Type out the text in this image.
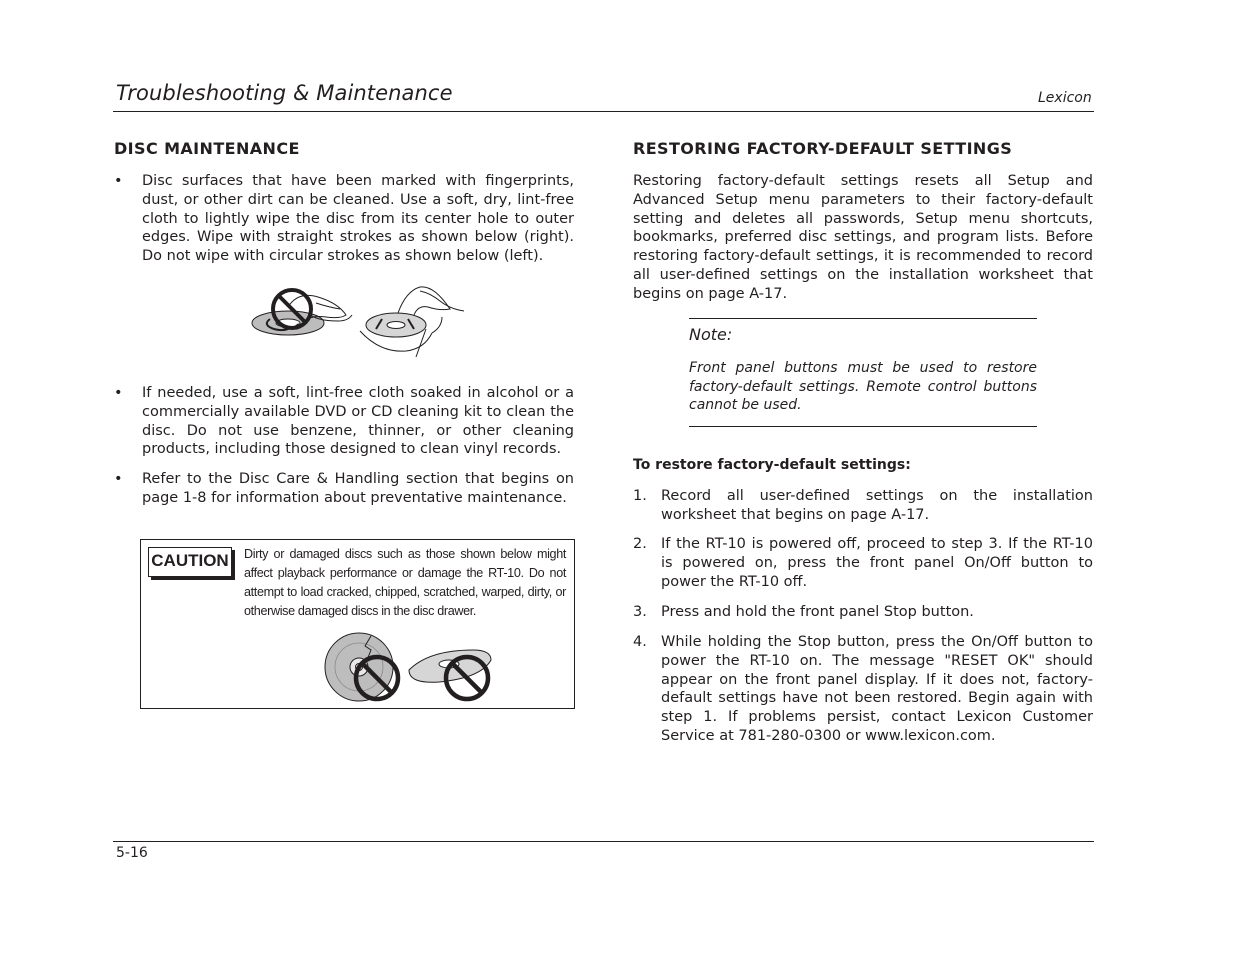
Troubleshooting & Maintenance	Lexicon
DISC MAINTENANCE
•	Disc surfaces that have been marked with fingerprints, dust, or other dirt can be cleaned. Use a soft, dry, lint-free cloth to lightly wipe the disc from its center hole to outer edges. Wipe with straight strokes as shown below (right). Do not wipe with circular strokes as shown below (left).
•	If needed, use a soft, lint-free cloth soaked in alcohol or a commercially available DVD or CD cleaning kit to clean the disc. Do not use benzene, thinner, or other cleaning products, including those designed to clean vinyl records.
•	Refer to the Disc Care & Handling section that begins on page 1-8 for information about preventative maintenance.
CAUTION Dirty or damaged discs such as those shown below might affect playback performance or damage the RT-10. Do not attempt to load cracked, chipped, scratched, warped, dirty, or otherwise damaged discs in the disc drawer.
RESTORING FACTORY-DEFAULT SETTINGS
Restoring factory-default settings resets all Setup and Advanced Setup menu parameters to their factory-default setting and deletes all passwords, Setup menu shortcuts, bookmarks, preferred disc settings, and program lists. Before restoring factory-default settings, it is recommended to record all user-defined settings on the installation worksheet that begins on page A-17.
Note:
Front panel buttons must be used to restore factory-default settings. Remote control buttons cannot be used.
To restore factory-default settings:
1. Record all user-defined settings on the installation worksheet that begins on page A-17.
2. If the RT-10 is powered off, proceed to step 3. If the RT-10 is powered on, press the front panel On/Off button to power the RT-10 off.
3. Press and hold the front panel Stop button.
4. While holding the Stop button, press the On/Off button to power the RT-10 on. The message "RESET OK" should appear on the front panel display. If it does not, factory-default settings have not been restored. Begin again with step 1. If problems persist, contact Lexicon Customer Service at 781-280-0300 or www.lexicon.com.
5-16
